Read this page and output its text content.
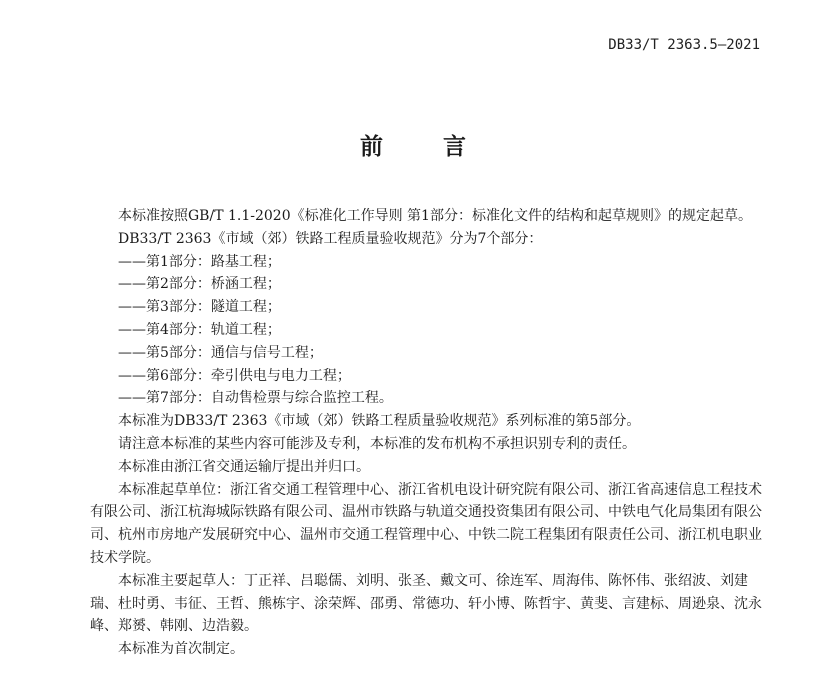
DB33/T 2363.5—2021
前 言

本标准按照GB/T 1.1-2020《标准化工作导则 第1部分：标准化文件的结构和起草规则》的规定起草。

DB33/T 2363《市域（郊）铁路工程质量验收规范》分为7个部分：

——第1部分：路基工程；

——第2部分：桥涵工程；

——第3部分：隧道工程；

——第4部分：轨道工程；

——第5部分：通信与信号工程；

——第6部分：牵引供电与电力工程；

——第7部分：自动售检票与综合监控工程。

本标准为DB33/T 2363《市域（郊）铁路工程质量验收规范》系列标准的第5部分。

请注意本标准的某些内容可能涉及专利，本标准的发布机构不承担识别专利的责任。

本标准由浙江省交通运输厅提出并归口。

本标准起草单位：浙江省交通工程管理中心、浙江省机电设计研究院有限公司、浙江省高速信息工程技术有限公司、浙江杭海城际铁路有限公司、温州市铁路与轨道交通投资集团有限公司、中铁电气化局集团有限公司、杭州市房地产发展研究中心、温州市交通工程管理中心、中铁二院工程集团有限责任公司、浙江机电职业技术学院。

本标准主要起草人：丁正祥、吕聪儒、刘明、张圣、戴文可、徐连军、周海伟、陈怀伟、张绍波、刘建瑞、杜时勇、韦征、王哲、熊栋宇、涂荣辉、邵勇、常德功、轩小博、陈哲宇、黄斐、言建标、周逊泉、沈永峰、郑赟、韩刚、边浩毅。

本标准为首次制定。
